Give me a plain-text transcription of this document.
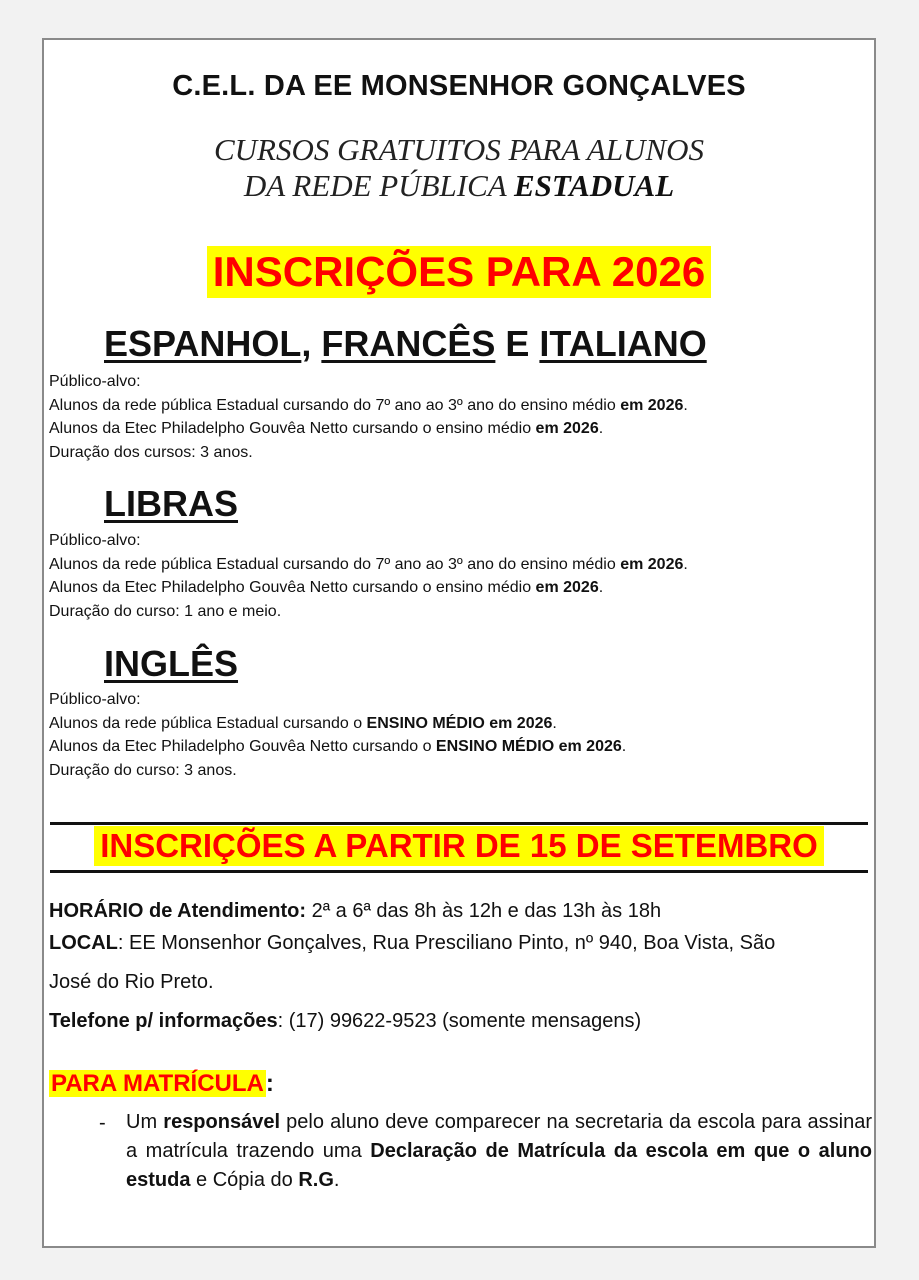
C.E.L. DA EE MONSENHOR GONÇALVES
CURSOS GRATUITOS PARA ALUNOS
DA REDE PÚBLICA ESTADUAL
INSCRIÇÕES PARA 2026
ESPANHOL, FRANCÊS E ITALIANO
Público-alvo:
Alunos da rede pública Estadual cursando do 7º ano ao 3º ano do ensino médio em 2026.
Alunos da Etec Philadelpho Gouvêa Netto cursando o ensino médio em 2026.
Duração dos cursos: 3 anos.
LIBRAS
Público-alvo:
Alunos da rede pública Estadual cursando do 7º ano ao 3º ano do ensino médio em 2026.
Alunos da Etec Philadelpho Gouvêa Netto cursando o ensino médio em 2026.
Duração do curso: 1 ano e meio.
INGLÊS
Público-alvo:
Alunos da rede pública Estadual cursando o ENSINO MÉDIO em 2026.
Alunos da Etec Philadelpho Gouvêa Netto cursando o ENSINO MÉDIO em 2026.
Duração do curso: 3 anos.
INSCRIÇÕES A PARTIR DE 15 DE SETEMBRO
HORÁRIO de Atendimento: 2ª a 6ª das 8h às 12h e das 13h às 18h
LOCAL: EE Monsenhor Gonçalves, Rua Presciliano Pinto, nº 940, Boa Vista, São
José do Rio Preto.
Telefone p/ informações: (17) 99622-9523 (somente mensagens)
PARA MATRÍCULA:
- Um responsável pelo aluno deve comparecer na secretaria da escola para assinar a matrícula trazendo uma Declaração de Matrícula da escola em que o aluno estuda e Cópia do R.G.
